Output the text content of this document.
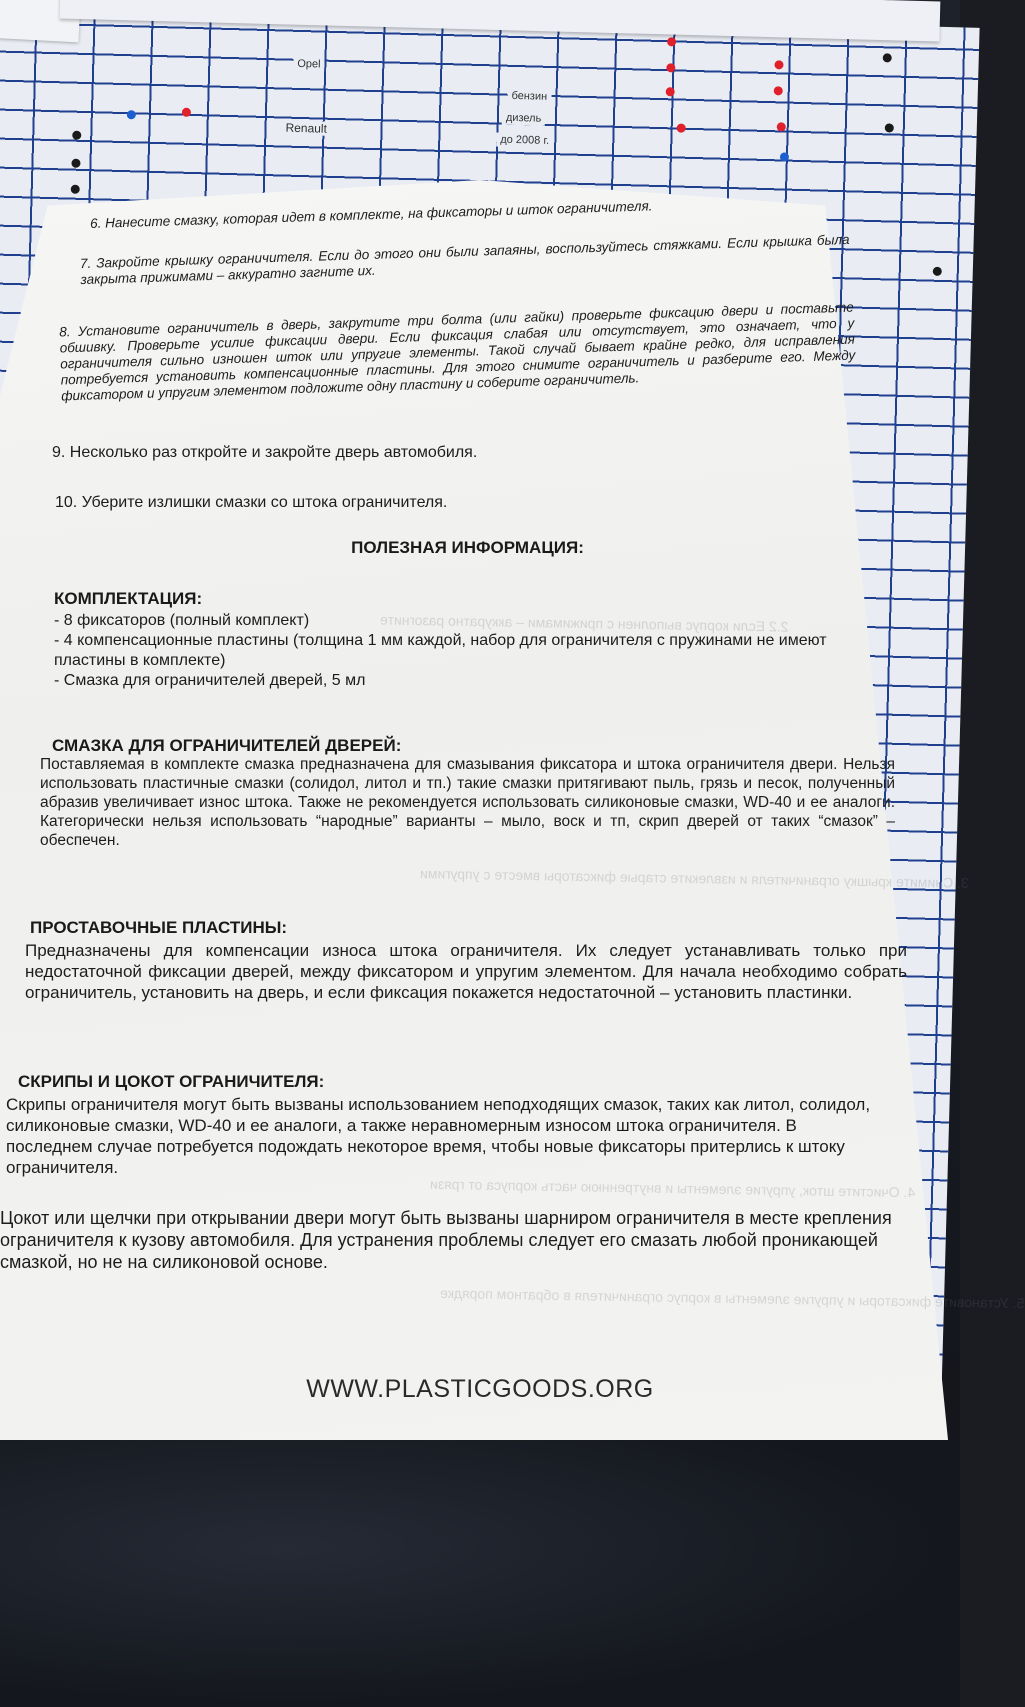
Opel
Renault
бензин
дизель
до 2008 г.
2.2 Если корпус выполнен с прижимами – аккуратно разогните
3. Снимите крышку ограничителя и извлеките старые фиксаторы вместе с упругими
4. Очистите шток, упругие элементы и внутреннюю часть корпуса от грязи
5. Установите фиксаторы и упругие элементы в корпус ограничителя в обратном порядке
6. Нанесите смазку, которая идет в комплекте, на фиксаторы и шток ограничителя.
7. Закройте крышку ограничителя. Если до этого они были запаяны, воспользуйтесь стяжками. Если крышка была закрыта прижимами – аккуратно загните их.
8. Установите ограничитель в дверь, закрутите три болта (или гайки) проверьте фиксацию двери и поставьте обшивку. Проверьте усилие фиксации двери. Если фиксация слабая или отсутствует, это означает, что у ограничителя сильно изношен шток или упругие элементы. Такой случай бывает крайне редко, для исправления потребуется установить компенсационные пластины. Для этого снимите ограничитель и разберите его. Между фиксатором и упругим элементом подложите одну пластину и соберите ограничитель.
9. Несколько раз откройте и закройте дверь автомобиля.
10. Уберите излишки смазки со штока ограничителя.
ПОЛЕЗНАЯ ИНФОРМАЦИЯ:
КОМПЛЕКТАЦИЯ:
- 8 фиксаторов (полный комплект)
- 4 компенсационные пластины (толщина 1 мм каждой, набор для ограничителя с пружинами не имеют пластины в комплекте)
- Смазка для ограничителей дверей, 5 мл
СМАЗКА ДЛЯ ОГРАНИЧИТЕЛЕЙ ДВЕРЕЙ:
Поставляемая в комплекте смазка предназначена для смазывания фиксатора и штока ограничителя двери. Нельзя использовать пластичные смазки (солидол, литол и тп.) такие смазки притягивают пыль, грязь и песок, полученный абразив увеличивает износ штока. Также не рекомендуется использовать силиконовые смазки, WD-40 и ее аналоги. Категорически нельзя использовать “народные” варианты – мыло, воск и тп, скрип дверей от таких “смазок” – обеспечен.
ПРОСТАВОЧНЫЕ ПЛАСТИНЫ:
Предназначены для компенсации износа штока ограничителя. Их следует устанавливать только при недостаточной фиксации дверей, между фиксатором и упругим элементом. Для начала необходимо собрать ограничитель, установить на дверь, и если фиксация покажется недостаточной – установить пластинки.
СКРИПЫ И ЦОКОТ ОГРАНИЧИТЕЛЯ:
Скрипы ограничителя могут быть вызваны использованием неподходящих смазок, таких как литол, солидол, силиконовые смазки, WD-40 и ее аналоги, а также неравномерным износом штока ограничителя. В последнем случае потребуется подождать некоторое время, чтобы новые фиксаторы притерлись к штоку ограничителя.
Цокот или щелчки при открывании двери могут быть вызваны шарниром ограничителя в месте крепления ограничителя к кузову автомобиля. Для устранения проблемы следует его смазать любой проникающей смазкой, но не на силиконовой основе.
WWW.PLASTICGOODS.ORG
